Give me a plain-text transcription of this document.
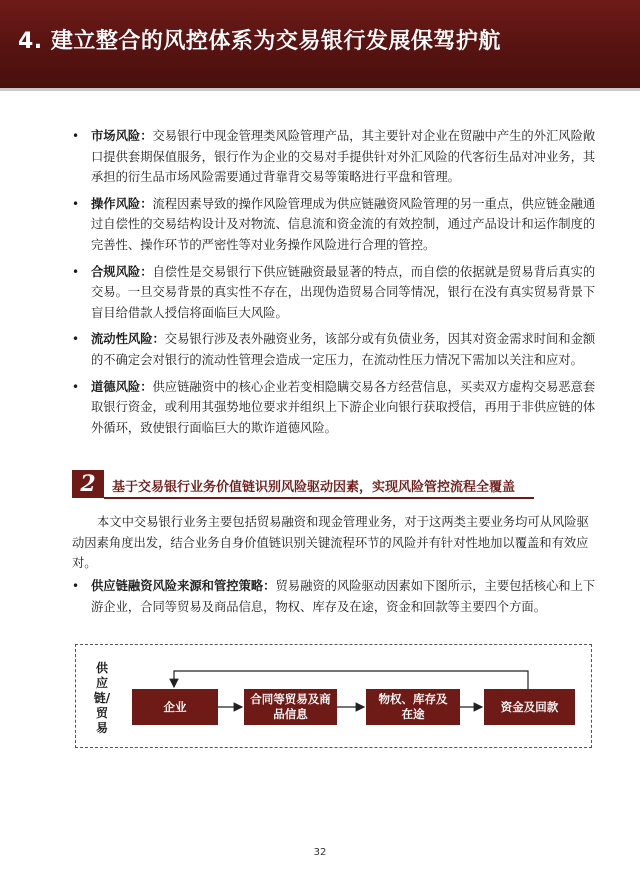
4. 建立整合的风控体系为交易银行发展保驾护航
• 市场风险：交易银行中现金管理类风险管理产品，其主要针对企业在贸融中产生的外汇风险敞口提供套期保值服务，银行作为企业的交易对手提供针对外汇风险的代客衍生品对冲业务，其承担的衍生品市场风险需要通过背靠背交易等策略进行平盘和管理。
• 操作风险：流程因素导致的操作风险管理成为供应链融资风险管理的另一重点，供应链金融通过自偿性的交易结构设计及对物流、信息流和资金流的有效控制，通过产品设计和运作制度的完善性、操作环节的严密性等对业务操作风险进行合理的管控。
• 合规风险：自偿性是交易银行下供应链融资最显著的特点，而自偿的依据就是贸易背后真实的交易。一旦交易背景的真实性不存在，出现伪造贸易合同等情况，银行在没有真实贸易背景下盲目给借款人授信将面临巨大风险。
• 流动性风险：交易银行涉及表外融资业务，该部分或有负债业务，因其对资金需求时间和金额的不确定会对银行的流动性管理会造成一定压力，在流动性压力情况下需加以关注和应对。
• 道德风险：供应链融资中的核心企业若变相隐瞒交易各方经营信息，买卖双方虚构交易恶意套取银行资金，或利用其强势地位要求并组织上下游企业向银行获取授信，再用于非供应链的体外循环，致使银行面临巨大的欺诈道德风险。
2	基于交易银行业务价值链识别风险驱动因素，实现风险管控流程全覆盖
本文中交易银行业务主要包括贸易融资和现金管理业务，对于这两类主要业务均可从风险驱动因素角度出发，结合业务自身价值链识别关键流程环节的风险并有针对性地加以覆盖和有效应对。
• 供应链融资风险来源和管控策略：贸易融资的风险驱动因素如下图所示，主要包括核心和上下游企业，合同等贸易及商品信息，物权、库存及在途，资金和回款等主要四个方面。
供应链/贸易
企业
合同等贸易及商品信息
物权、库存及在途
资金及回款
32
